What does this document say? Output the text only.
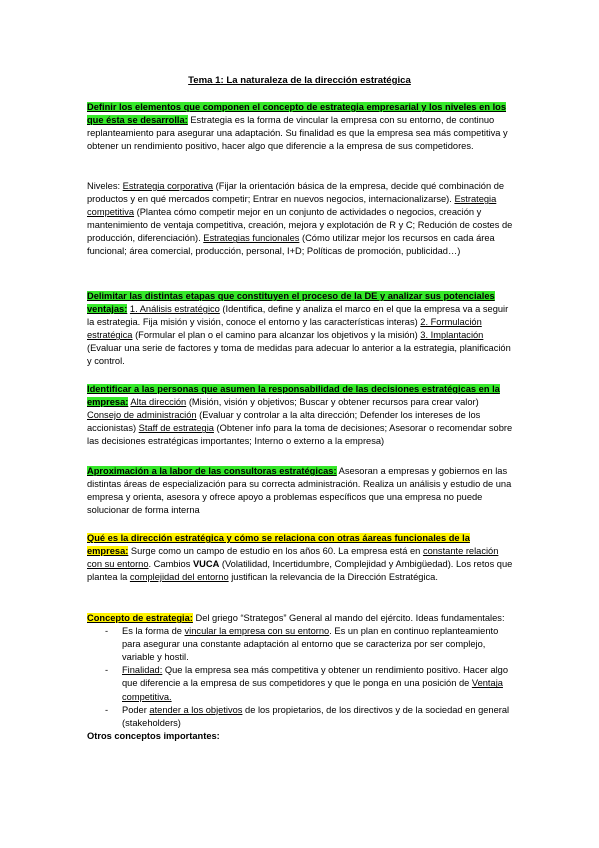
Tema 1: La naturaleza de la dirección estratégica

Definir los elementos que componen el concepto de estrategia empresarial y los niveles en los que ésta se desarrolla: Estrategia es la forma de vincular la empresa con su entorno, de continuo replanteamiento para asegurar una adaptación. Su finalidad es que la empresa sea más competitiva y obtener un rendimiento positivo, hacer algo que diferencie a la empresa de sus competidores.

Niveles: Estrategia corporativa (Fijar la orientación básica de la empresa, decide qué combinación de productos y en qué mercados competir; Entrar en nuevos negocios, internacionalizarse). Estrategia competitiva (Plantea cómo competir mejor en un conjunto de actividades o negocios, creación y mantenimiento de ventaja competitiva, creación, mejora y explotación de R y C; Redución de costes de producción, diferenciación). Estrategias funcionales (Cómo utilizar mejor los recursos en cada área funcional; área comercial, producción, personal, I+D; Políticas de promoción, publicidad…)

Delimitar las distintas etapas que constituyen el proceso de la DE y analizar sus potenciales ventajas: 1. Análisis estratégico (Identifica, define y analiza el marco en el que la empresa va a seguir la estrategia. Fija misión y visión, conoce el entorno y las características interas) 2. Formulación estratégica (Formular el plan o el camino para alcanzar los objetivos y la misión) 3. Implantación (Evaluar una serie de factores y toma de medidas para adecuar lo anterior a la estrategia, planificación y control.

Identificar a las personas que asumen la responsabilidad de las decisiones estratégicas en la empresa: Alta dirección (Misión, visión y objetivos; Buscar y obtener recursos para crear valor) Consejo de administración (Evaluar y controlar a la alta dirección; Defender los intereses de los accionistas) Staff de estrategia (Obtener info para la toma de decisiones; Asesorar o recomendar sobre las decisiones estratégicas importantes; Interno o externo a la empresa)

Aproximación a la labor de las consultoras estratégicas: Asesoran a empresas y gobiernos en las distintas áreas de especialización para su correcta administración. Realiza un análisis y estudio de una empresa y orienta, asesora y ofrece apoyo a problemas específicos que una empresa no puede solucionar de forma interna

Qué es la dirección estratégica y cómo se relaciona con otras áareas funcionales de la empresa: Surge como un campo de estudio en los años 60. La empresa está en constante relación con su entorno. Cambios VUCA (Volatilidad, Incertidumbre, Complejidad y Ambigüedad). Los retos que plantea la complejidad del entorno justifican la relevancia de la Dirección Estratégica.

Concepto de estrategia: Del griego “Strategos” General al mando del ejército. Ideas fundamentales:

- Es la forma de vincular la empresa con su entorno. Es un plan en continuo replanteamiento para asegurar una constante adaptación al entorno que se caracteriza por ser complejo, variable y hostil.
- Finalidad: Que la empresa sea más competitiva y obtener un rendimiento positivo. Hacer algo que diferencie a la empresa de sus competidores y que le ponga en una posición de Ventaja competitiva.
- Poder atender a los objetivos de los propietarios, de los directivos y de la sociedad en general (stakeholders)

Otros conceptos importantes:
